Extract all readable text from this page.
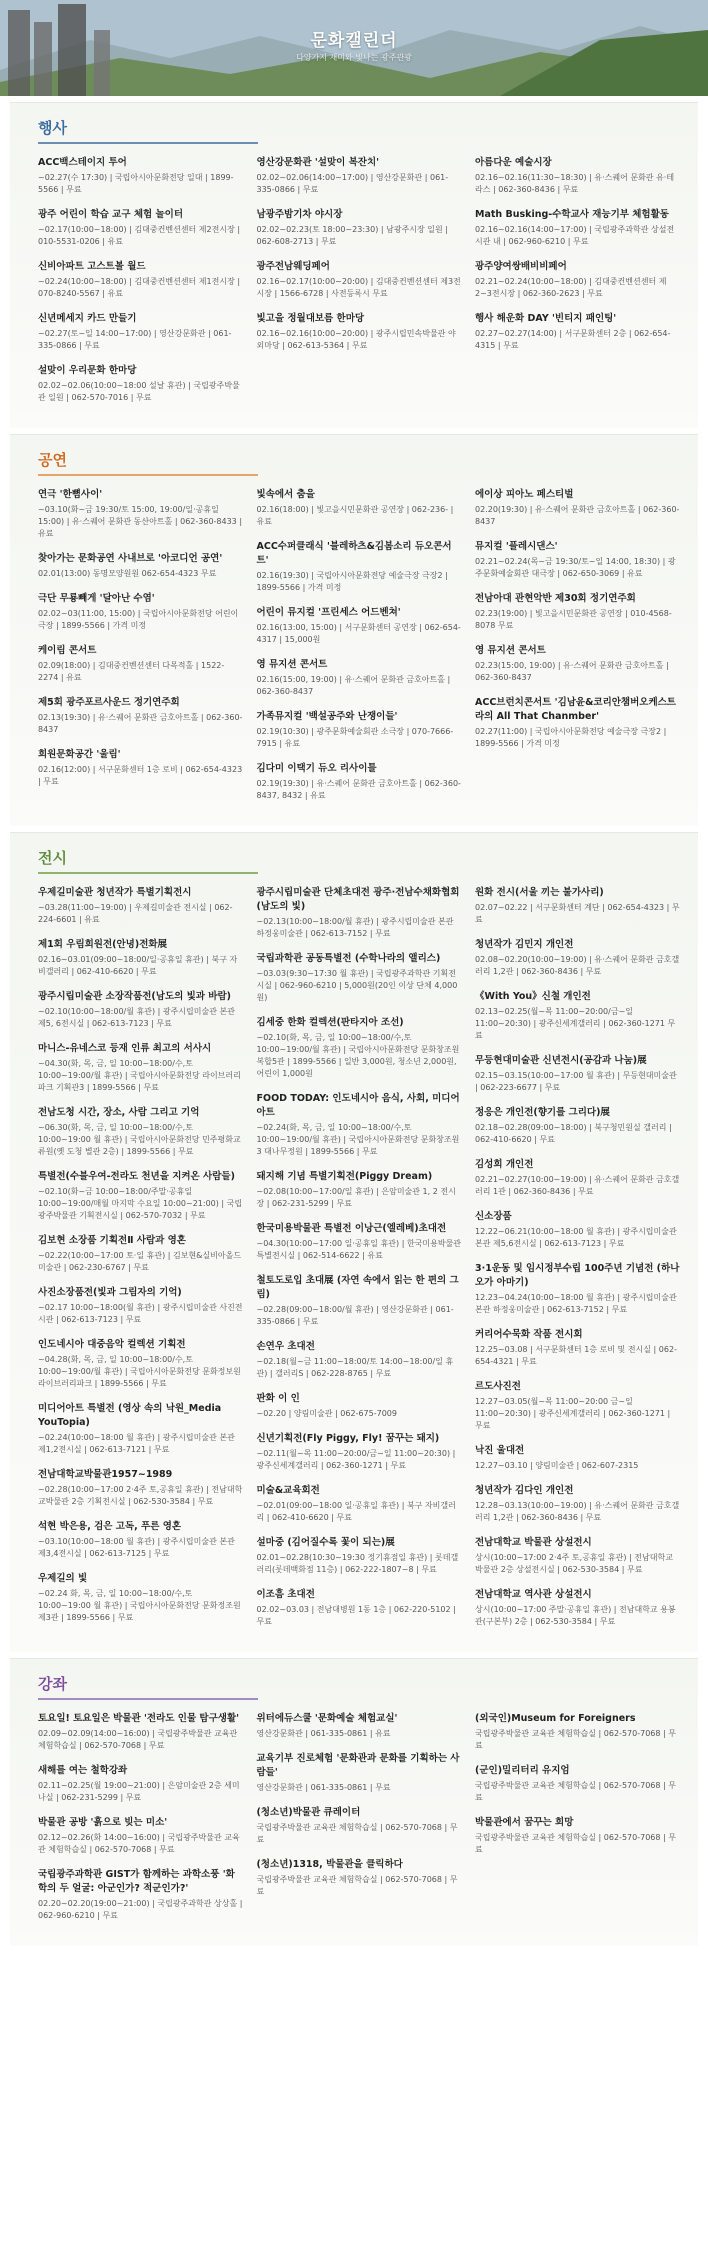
문화캘린더
다양가지 재미와 빛나는 광주관광
행사
ACC백스테이지 투어
~02.27(수 17:30) | 국립아시아문화전당 일대 | 1899-5566 | 무료
광주 어린이 학습 교구 체험 놀이터
~02.17(10:00~18:00) | 김대중컨벤션센터 제2전시장 | 010-5531-0206 | 유료
신비아파트 고스트볼 월드
~02.24(10:00~18:00) | 김대중컨벤션센터 제1전시장 | 070-8240-5567 | 유료
신년메세지 카드 만들기
~02.27(토~일 14:00~17:00) | 영산강문화관 | 061-335-0866 | 무료
설맞이 우리문화 한마당
02.02~02.06(10:00~18:00 설날 휴관) | 국립광주박물관 일원 | 062-570-7016 | 무료
영산강문화관 '설맞이 복잔치'
02.02~02.06(14:00~17:00) | 영산강문화관 | 061-335-0866 | 무료
남광주밤기차 야시장
02.02~02.23(토 18:00~23:30) | 남광주시장 일원 | 062-608-2713 | 무료
광주전남웨딩페어
02.16~02.17(10:00~20:00) | 김대중컨벤션센터 제3전시장 | 1566-6728 | 사전등록시 무료
빛고을 정월대보름 한마당
02.16~02.16(10:00~20:00) | 광주시립민속박물관 야외마당 | 062-613-5364 | 무료
아름다운 예술시장
02.16~02.16(11:30~18:30) | 유·스퀘어 문화관 유·테라스 | 062-360-8436 | 무료
Math Busking-수학교사 재능기부 체험활동
02.16~02.16(14:00~17:00) | 국립광주과학관 상설전시관 내 | 062-960-6210 | 무료
광주양여쌍배비비페어
02.21~02.24(10:00~18:00) | 김대중컨벤션센터 제2~3전시장 | 062-360-2623 | 무료
행사 해운화 DAY '빈티지 패인팅'
02.27~02.27(14:00) | 서구문화센터 2층 | 062-654-4315 | 무료
공연
연극 '한뼘사이'
~03.10(화~금 19:30/토 15:00, 19:00/일·공휴일 15:00) | 유·스퀘어 문화관 동산아트홀 | 062-360-8433 | 유료
찾아가는 문화공연 사내브로 '아코디언 공연'
02.01(13:00) 동명모양원원 062-654-4323 무료
극단 무룡빼게 '달아난 수염'
02.02~03(11:00, 15:00) | 국립아시아문화전당 어린이극장 | 1899-5566 | 가격 미정
케이림 콘서트
02.09(18:00) | 김대중컨벤션센터 다목적홀 | 1522-2274 | 유료
제5회 광주포르사운드 정기연주회
02.13(19:30) | 유·스퀘어 문화관 금호아트홀 | 062-360-8437
희원문화공간 '울림'
02.16(12:00) | 서구문화센터 1층 로비 | 062-654-4323 | 무료
빛속에서 춤을
02.16(18:00) | 빛고을시민문화관 공연장 | 062-236- | 유료
ACC수퍼클래식 '블레하츠&김봄소리 듀오콘서트'
02.16(19:30) | 국립아시아문화전당 예술극장 극장2 | 1899-5566 | 가격 미정
어린이 뮤지컬 '프린세스 어드벤쳐'
02.16(13:00, 15:00) | 서구문화센터 공연장 | 062-654-4317 | 15,000원
영 뮤지션 콘서트
02.16(15:00, 19:00) | 유·스퀘어 문화관 금호아트홀 | 062-360-8437
가족뮤지컬 '백설공주와 난쟁이들'
02.19(10:30) | 광주문화예술회관 소극장 | 070-7666-7915 | 유료
김다미 이택기 듀오 리사이틀
02.19(19:30) | 유·스퀘어 문화관 금호아트홀 | 062-360-8437, 8432 | 유료
에이상 피아노 페스티벌
02.20(19:30) | 유·스퀘어 문화관 금호아트홀 | 062-360-8437
뮤지컬 '플레시댄스'
02.21~02.24(목~금 19:30/토~일 14:00, 18:30) | 광주문화예술회관 대극장 | 062-650-3069 | 유료
전남아대 관현악반 제30회 정기연주회
02.23(19:00) | 빛고을시민문화관 공연장 | 010-4568-8078 무료
영 뮤지션 콘서트
02.23(15:00, 19:00) | 유·스퀘어 문화관 금호아트홀 | 062-360-8437
ACC브런치콘서트 '김남윤&코리안챔버오케스트라의 All That Chanmber'
02.27(11:00) | 국립아시아문화전당 예술극장 극장2 | 1899-5566 | 가격 미정
전시
우제길미술관 청년작가 특별기획전시
~03.28(11:00~19:00) | 우제길미술관 전시실 | 062-224-6601 | 유료
제1회 우림희원전(안녕)전화展
02.16~03.01(09:00~18:00/일·공휴일 휴관) | 북구 자비갤러리 | 062-410-6620 | 무료
광주시립미술관 소장작품전(남도의 빛과 바람)
~02.10(10:00~18:00/월 휴관) | 광주시립미술관 본관 제5, 6전시실 | 062-613-7123 | 무료
마니스-유네스코 등재 인류 최고의 서사시
~04.30(화, 목, 금, 일 10:00~18:00/수,토 10:00~19:00/월 휴관) | 국립아시아문화전당 라이브러리파크 기획관3 | 1899-5566 | 무료
전남도청 시간, 장소, 사람 그리고 기억
~06.30(화, 목, 금, 일 10:00~18:00/수,토 10:00~19:00 월 휴관) | 국립아시아문화전당 민주평화교류원(옛 도청 별관 2층) | 1899-5566 | 무료
특별전(수블우여-전라도 천년을 지켜온 사람들)
~02.10(화~금 10:00~18:00/주말·공휴일 10:00~19:00/매월 마지막 수요일 10:00~21:00) | 국립광주박물관 기획전시실 | 062-570-7032 | 무료
김보현 소장품 기획전Ⅱ 사람과 영혼
~02.22(10:00~17:00 토·일 휴관) | 김보현&실비아올드 미술관 | 062-230-6767 | 무료
사진소장품전(빛과 그림자의 기억)
~02.17 10:00~18:00(월 휴관) | 광주시립미술관 사진전시관 | 062-613-7123 | 무료
인도네시아 대중음악 컬렉션 기획전
~04.28(화, 목, 금, 일 10:00~18:00/수,토 10:00~19:00/월 휴관) | 국립아시아문화전당 문화정보원 라이브러리파크 | 1899-5566 | 무료
미디어아트 특별전 (영상 속의 낙원_Media YouTopia)
~02.24(10:00~18:00 월 휴관) | 광주시립미술관 본관 제1,2전시실 | 062-613-7121 | 무료
전남대학교박물관1957~1989
~02.28(10:00~17:00 2·4주 토,공휴일 휴관) | 전남대학교박물관 2층 기획전시실 | 062-530-3584 | 무료
석현 박은용, 검은 고독, 푸른 영혼
~03.10(10:00~18:00 월 휴관) | 광주시립미술관 본관 제3,4전시실 | 062-613-7125 | 무료
우제길의 빛
~02.24 화, 목, 금, 일 10:00~18:00/수,토 10:00~19:00 월 휴관) | 국립아시아문화전당 문화정조원 제3관 | 1899-5566 | 무료
광주시립미술관 단체초대전 광주·전남수채화협회(남도의 빛)
~02.13(10:00~18:00/월 휴관) | 광주시립미술관 본관 하정웅미술관 | 062-613-7152 | 무료
국립과학관 공동특별전 (수학나라의 앨리스)
~03.03(9:30~17:30 월 휴관) | 국립광주과학관 기획전시실 | 062-960-6210 | 5,000원(20인 이상 단체 4,000원)
김세중 한화 컬렉션(판타지아 조선)
~02.10(화, 목, 금, 일 10:00~18:00/수,토 10:00~19:00/월 휴관) | 국립아시아문화전당 문화창조원 복합5관 | 1899-5566 | 일반 3,000원, 청소년 2,000원, 어린이 1,000원
FOOD TODAY: 인도네시아 음식, 사회, 미디어아트
~02.24(화, 목, 금, 일 10:00~18:00/수,토 10:00~19:00/월 휴관) | 국립아시아문화전당 문화창조원3 대나무정원 | 1899-5566 | 무료
돼지해 기념 특별기획전(Piggy Dream)
~02.08(10:00~17:00/일 휴관) | 은암미술관 1, 2 전시장 | 062-231-5299 | 무료
한국미용박물관 특별전 이낭근(엘레베)초대전
~04.30(10:00~17:00 일·공휴일 휴관) | 한국미용박물관 특별전시실 | 062-514-6622 | 유료
철토도로입 초대展 (자연 속에서 읽는 한 편의 그림)
~02.28(09:00~18:00/월 휴관) | 영산강문화관 | 061-335-0866 | 무료
손연우 초대전
~02.18(월~금 11:00~18:00/토 14:00~18:00/일 휴관) | 갤러리S | 062-228-8765 | 무료
판화 이 인
~02.20 | 양림미술관 | 062-675-7009
신년기획전(Fly Piggy, Fly! 꿈꾸는 돼지)
~02.11(월~목 11:00~20:00/금~일 11:00~20:30) | 광주신세계갤러리 | 062-360-1271 | 무료
미술&교육회전
~02.01(09:00~18:00 일·공휴일 휴관) | 북구 자비갤러리 | 062-410-6620 | 무료
설마중 (김어질수록 꽃이 되는)展
02.01~02.28(10:30~19:30 정기휴점일 휴관) | 롯데갤러리(롯데백화점 11층) | 062-222-1807~8 | 무료
이조흠 초대전
02.02~03.03 | 전남대병원 1동 1층 | 062-220-5102 | 무료
원화 전시(서울 끼는 불가사리)
02.07~02.22 | 서구문화센터 계단 | 062-654-4323 | 무료
청년작가 김민지 개인전
02.08~02.20(10:00~19:00) | 유·스퀘어 문화관 금호갤러리 1,2관 | 062-360-8436 | 무료
《With You》신철 개인전
02.13~02.25(월~목 11:00~20:00/금~일 11:00~20:30) | 광주신세계갤러리 | 062-360-1271 무료
무등현대미술관 신년전시(공감과 나눔)展
02.15~03.15(10:00~17:00 월 휴관) | 무등현대미술관 | 062-223-6677 | 무료
정응은 개인전(향기를 그리다)展
02.18~02.28(09:00~18:00) | 북구청민원실 갤러리 | 062-410-6620 | 무료
김성희 개인전
02.21~02.27(10:00~19:00) | 유·스퀘어 문화관 금호갤러리 1관 | 062-360-8436 | 무료
신소장품
12.22~06.21(10:00~18:00 월 휴관) | 광주시립미술관 본관 제5,6전시실 | 062-613-7123 | 무료
3·1운동 및 임시정부수립 100주년 기념전 (하나오가 아마기)
12.23~04.24(10:00~18:00 월 휴관) | 광주시립미술관 본관 하정웅미술관 | 062-613-7152 | 무료
커리어수묵화 작품 전시회
12.25~03.08 | 서구문화센터 1층 로비 및 전시실 | 062-654-4321 | 무료
르도사진전
12.27~03.05(월~목 11:00~20:00 금~일 11:00~20:30) | 광주신세계갤러리 | 062-360-1271 | 무료
낙진 울대전
12.27~03.10 | 양림미술관 | 062-607-2315
청년작가 김다인 개인전
12.28~03.13(10:00~19:00) | 유·스퀘어 문화관 금호갤러리 1,2관 | 062-360-8436 | 무료
전남대학교 박물관 상설전시
상시(10:00~17:00 2·4주 토,공휴일 휴관) | 전남대학교 박물관 2층 상설전시실 | 062-530-3584 | 무료
전남대학교 역사관 상설전시
상시(10:00~17:00 주말·공휴일 휴관) | 전남대학교 용봉관(구본부) 2층 | 062-530-3584 | 무료
강좌
토요일! 토요일은 박물관 '전라도 인물 탐구생활'
02.09~02.09(14:00~16:00) | 국립광주박물관 교육관 체험학습실 | 062-570-7068 | 무료
새해를 여는 철학강좌
02.11~02.25(월 19:00~21:00) | 은암미술관 2층 세미나실 | 062-231-5299 | 무료
박물관 공방 '흙으로 빚는 미소'
02.12~02.26(화 14:00~16:00) | 국립광주박물관 교육관 체험학습실 | 062-570-7068 | 무료
국립광주과학관 GIST가 함께하는 과학소풍 '화학의 두 얼굴: 아군인가? 적군인가?'
02.20~02.20(19:00~21:00) | 국립광주과학관 상상홀 | 062-960-6210 | 무료
위터에듀스쿨 '문화예술 체험교실'
영산강문화관 | 061-335-0861 | 유료
교육기부 진로체험 '문화관과 문화를 기획하는 사람들'
영산강문화관 | 061-335-0861 | 무료
(청소년)박물관 큐레이터
국립광주박물관 교육관 체험학습실 | 062-570-7068 | 무료
(청소년)1318, 박물관을 클릭하다
국립광주박물관 교육관 체험학습실 | 062-570-7068 | 무료
(외국인)Museum for Foreigners
국립광주박물관 교육관 체험학습실 | 062-570-7068 | 무료
(군인)밀리터리 유지엄
국립광주박물관 교육관 체험학습실 | 062-570-7068 | 무료
박물관에서 꿈꾸는 희망
국립광주박물관 교육관 체험학습실 | 062-570-7068 | 무료
